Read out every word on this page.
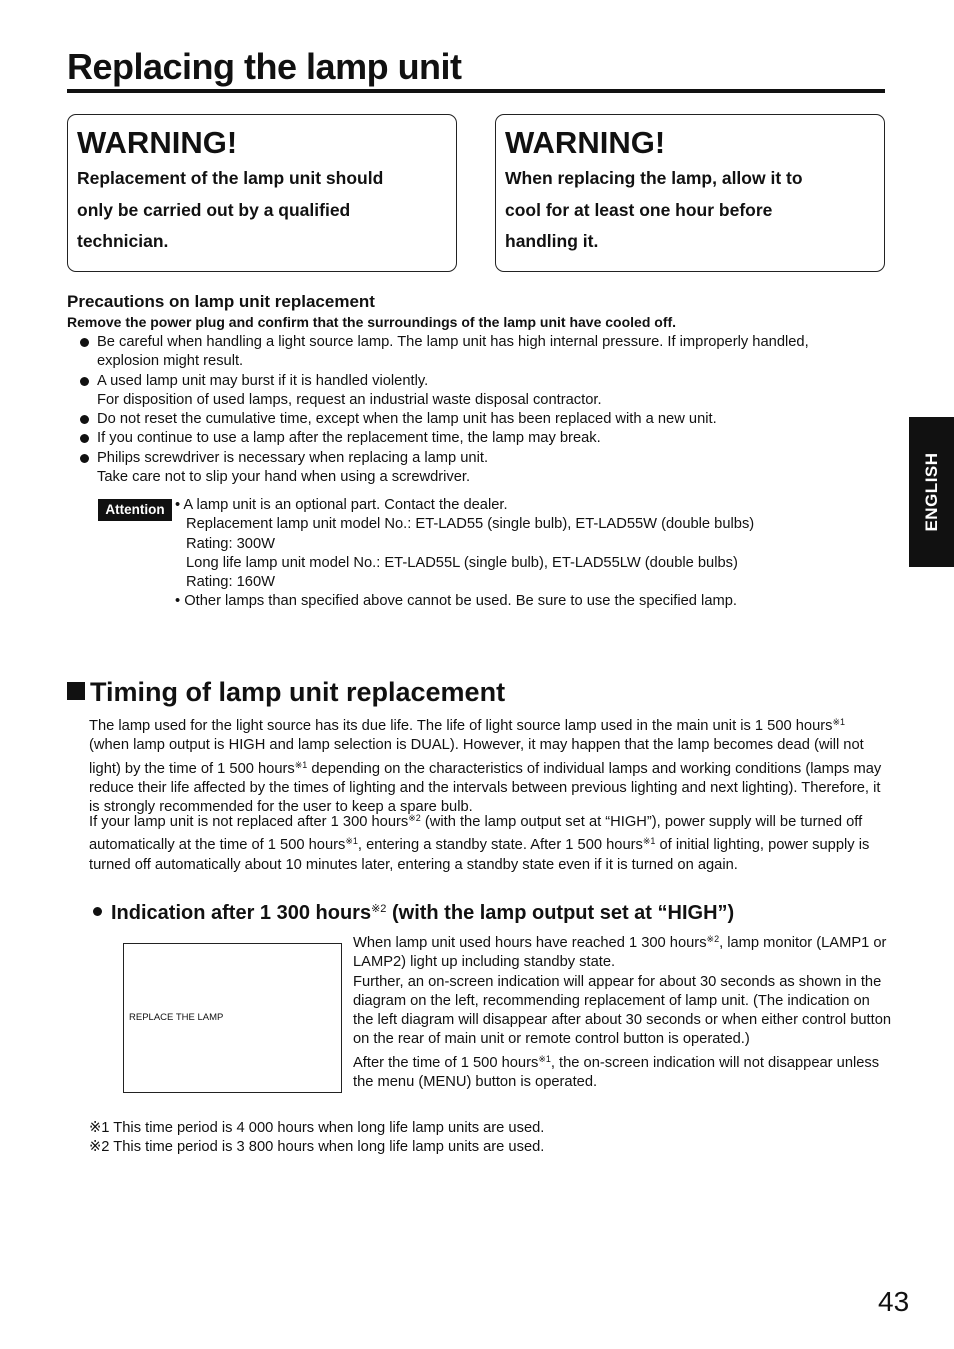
Replacing the lamp unit
WARNING!
Replacement of the lamp unit should
only be carried out by a qualified
technician.
WARNING!
When replacing the lamp, allow it to
cool for at least one hour before
handling it.
Precautions on lamp unit replacement
Remove the power plug and confirm that the surroundings of the lamp unit have cooled off.
Be careful when handling a light source lamp. The lamp unit has high internal pressure. If improperly handled,
explosion might result.
A used lamp unit may burst if it is handled violently.
For disposition of used lamps, request an industrial waste disposal contractor.
Do not reset the cumulative time, except when the lamp unit has been replaced with a new unit.
If you continue to use a lamp after the replacement time, the lamp may break.
Philips screwdriver is necessary when replacing a lamp unit.
Take care not to slip your hand when using a screwdriver.
Attention • A lamp unit is an optional part. Contact the dealer.
Replacement lamp unit model No.: ET-LAD55 (single bulb), ET-LAD55W (double bulbs)
Rating: 300W
Long life lamp unit model No.: ET-LAD55L (single bulb), ET-LAD55LW (double bulbs)
Rating: 160W
• Other lamps than specified above cannot be used. Be sure to use the specified lamp.
Timing of lamp unit replacement
The lamp used for the light source has its due life. The life of light source lamp used in the main unit is 1 500 hours$^{※1}$ (when lamp output is HIGH and lamp selection is DUAL). However, it may happen that the lamp becomes dead (will not light) by the time of 1 500 hours$^{※1}$ depending on the characteristics of individual lamps and working conditions (lamps may reduce their life affected by the times of lighting and the intervals between previous lighting and next lighting). Therefore, it is strongly recommended for the user to keep a spare bulb.
If your lamp unit is not replaced after 1 300 hours$^{※2}$ (with the lamp output set at “HIGH”), power supply will be turned off automatically at the time of 1 500 hours$^{※1}$, entering a standby state. After 1 500 hours$^{※1}$ of initial lighting, power supply is turned off automatically about 10 minutes later, entering a standby state even if it is turned on again.
Indication after 1 300 hours$^{※2}$ (with the lamp output set at “HIGH”)
REPLACE THE LAMP
When lamp unit used hours have reached 1 300 hours$^{※2}$, lamp monitor (LAMP1 or LAMP2) light up including standby state.
Further, an on-screen indication will appear for about 30 seconds as shown in the diagram on the left, recommending replacement of lamp unit. (The indication on the left diagram will disappear after about 30 seconds or when either control button on the rear of main unit or remote control button is operated.)
After the time of 1 500 hours$^{※1}$, the on-screen indication will not disappear unless the menu (MENU) button is operated.
※1 This time period is 4 000 hours when long life lamp units are used.
※2 This time period is 3 800 hours when long life lamp units are used.
ENGLISH
43
